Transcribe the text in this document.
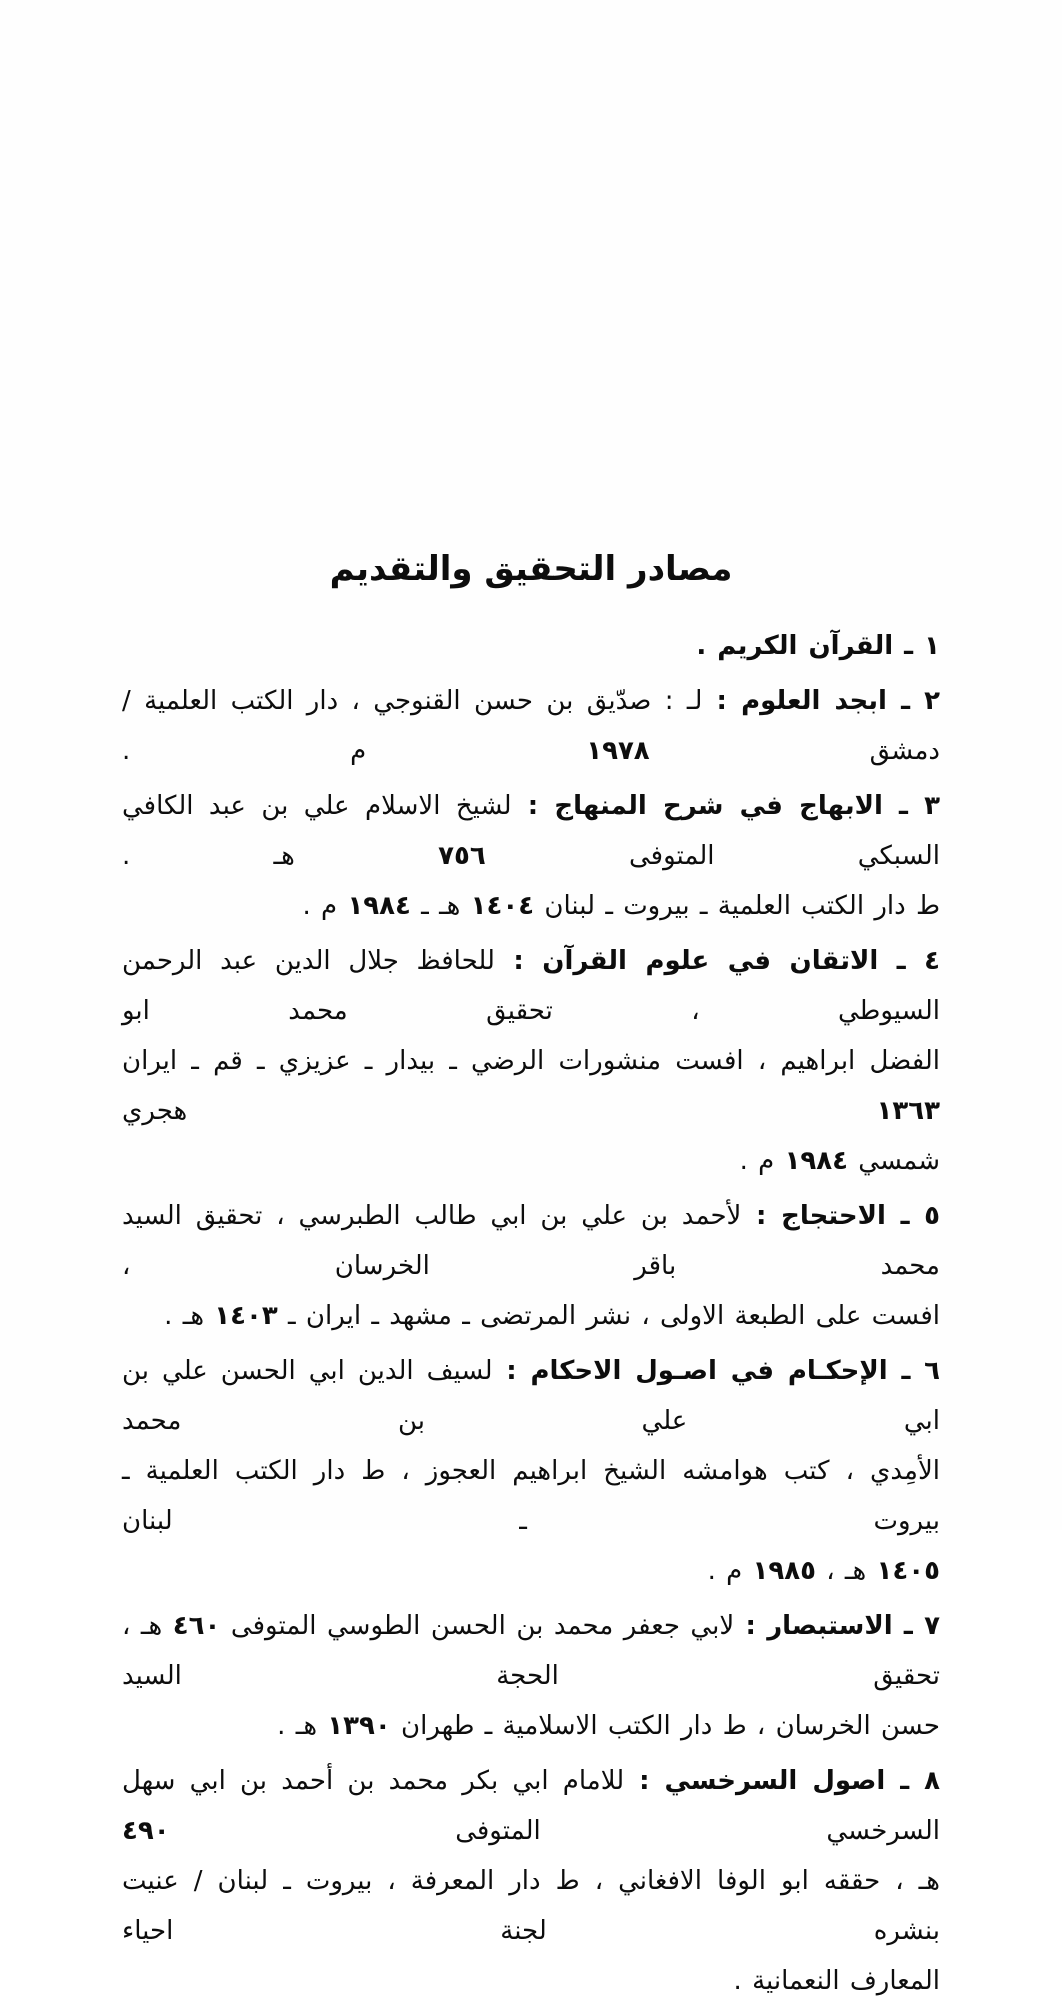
مصادر التحقيق والتقديم
١ ـ القرآن الكريم .
٢ ـ ابجد العلوم : لـ : صدّيق بن حسن القنوجي ، دار الكتب العلمية / دمشق ١٩٧٨ م .
٣ ـ الابهاج في شرح المنهاج : لشيخ الاسلام علي بن عبد الكافي السبكي المتوفى ٧٥٦ هـ .
ط دار الكتب العلمية ـ بيروت ـ لبنان ١٤٠٤ هـ ـ ١٩٨٤ م .
٤ ـ الاتقان في علوم القرآن : للحافظ جلال الدين عبد الرحمن السيوطي ، تحقيق محمد ابو
الفضل ابراهيم ، افست منشورات الرضي ـ بيدار ـ عزيزي ـ قم ـ ايران ١٣٦٣ هجري
شمسي ١٩٨٤ م .
٥ ـ الاحتجاج : لأحمد بن علي بن ابي طالب الطبرسي ، تحقيق السيد محمد باقر الخرسان ،
افست على الطبعة الاولى ، نشر المرتضى ـ مشهد ـ ايران ـ ١٤٠٣ هـ .
٦ ـ الإحكـام في اصـول الاحكام : لسيف الدين ابي الحسن علي بن ابي علي بن محمد
الأمِدي ، كتب هوامشه الشيخ ابراهيم العجوز ، ط دار الكتب العلمية ـ بيروت ـ لبنان
١٤٠٥ هـ ، ١٩٨٥ م .
٧ ـ الاستبصار : لابي جعفر محمد بن الحسن الطوسي المتوفى ٤٦٠ هـ ، تحقيق الحجة السيد
حسن الخرسان ، ط دار الكتب الاسلامية ـ طهران ١٣٩٠ هـ .
٨ ـ اصول السرخسي : للامام ابي بكر محمد بن أحمد بن ابي سهل السرخسي المتوفى ٤٩٠
هـ ، حققه ابو الوفا الافغاني ، ط دار المعرفة ، بيروت ـ لبنان / عنيت بنشره لجنة احياء
المعارف النعمانية .
